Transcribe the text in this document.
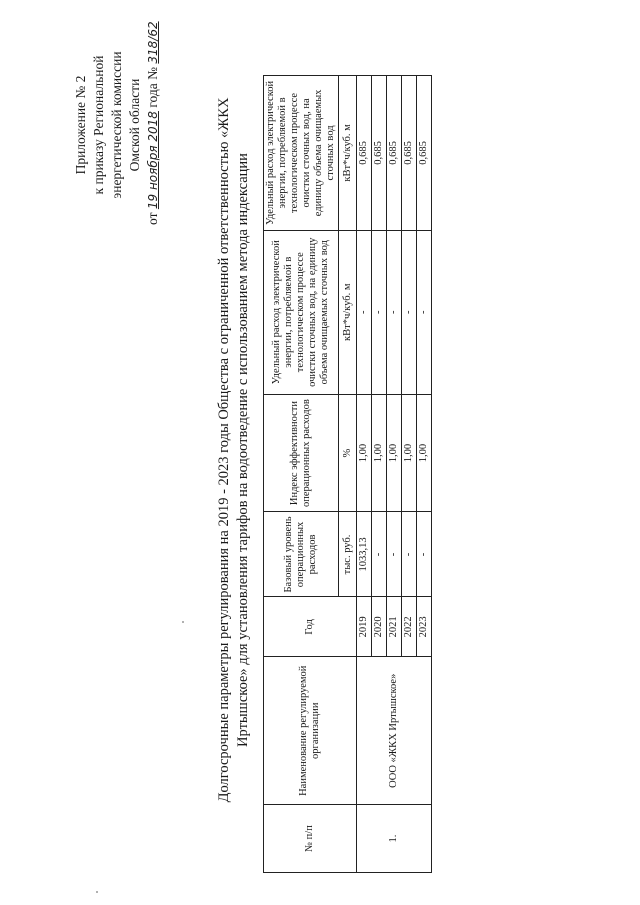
Приложение № 2 к приказу Региональной энергетической комиссии Омской области
от 19 ноября 2018 года № 318/62
Долгосрочные параметры регулирования на 2019 - 2023 годы Общества с ограниченной ответственностью «ЖКХ Иртышское» для установления тарифов на водоотведение с использованием метода индексации
№ п/п	Наименование регулируемой организации	Год	Базовый уровень операционных расходов	Индекс эффективности операционных расходов	Удельный расход электрической энергии, потребляемой в технологическом процессе очистки сточных вод, на единицу объема очищаемых сточных вод	Удельный расход электрической энергии, потребляемой в технологическом процессе очистки сточных вод, на единицу объема очищаемых сточных вод
			тыс. руб.	%	кВт*ч/куб. м	кВт*ч/куб. м
1.	ООО «ЖКХ Иртышское»	2019	1033,13	1,00	-	0,685
		2020	-	1,00	-	0,685
		2021	-	1,00	-	0,685
		2022	-	1,00	-	0,685
		2023	-	1,00	-	0,685
